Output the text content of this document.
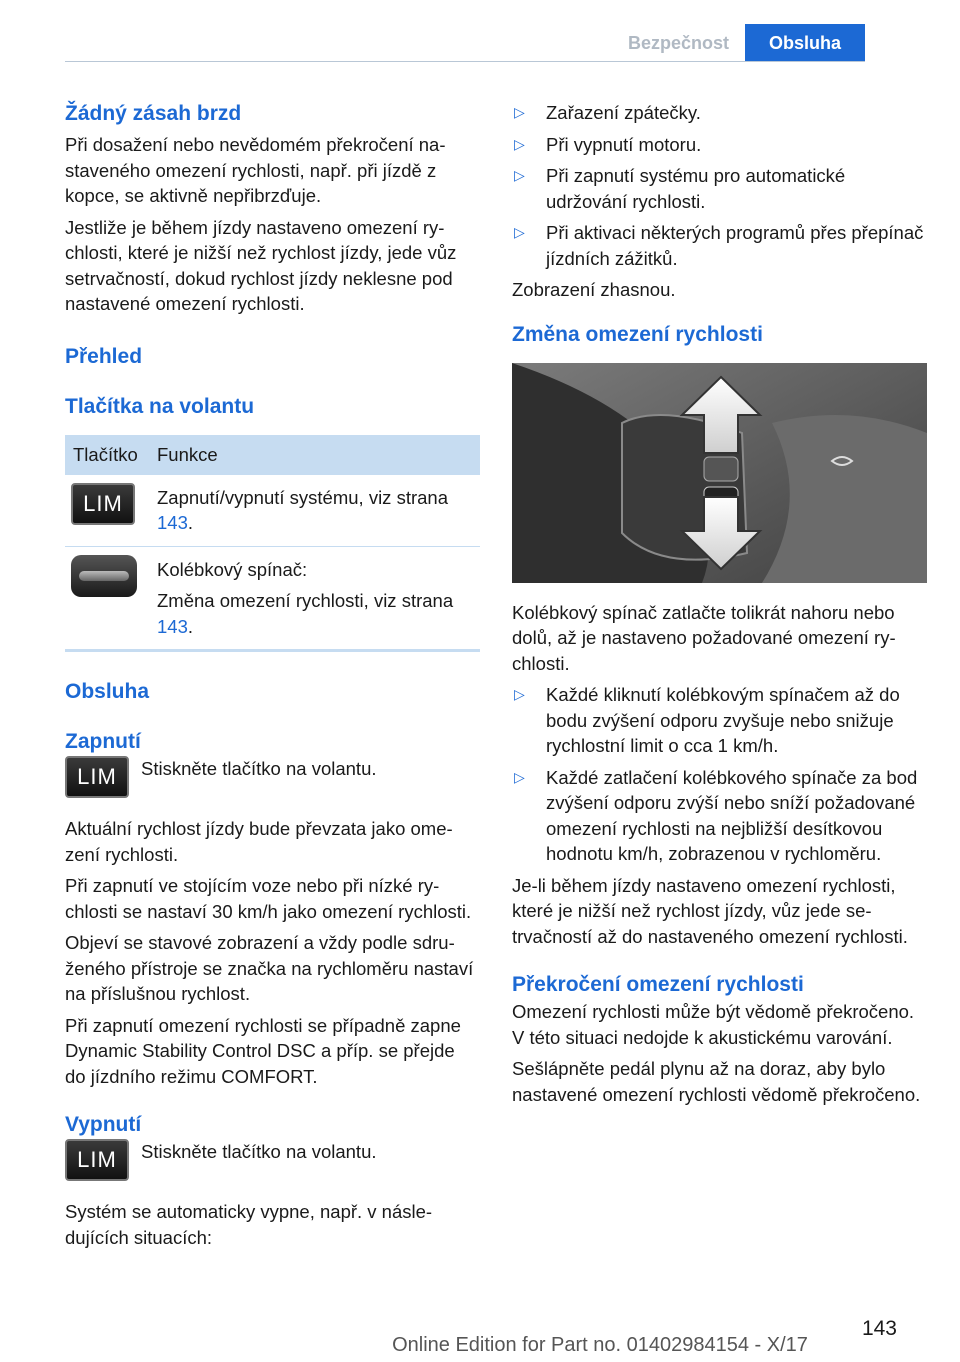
Bezpečnost	Obsluha
Žádný zásah brzd

Při dosažení nebo nevědomém překročení nastaveného omezení rychlosti, např. při jízdě z kopce, se aktivně nepřibrzďuje.

Jestliže je během jízdy nastaveno omezení rychlosti, které je nižší než rychlost jízdy, jede vůz setrvačností, dokud rychlost jízdy neklesne pod nastavené omezení rychlosti.

Přehled
Tlačítka na volantu
Tlačítko	Funkce

LIM	Zapnutí/vypnutí systému, viz strana 143.

	Kolébkový spínač:
Změna omezení rychlosti, viz strana 143.
Obsluha
Zapnutí
LIM	Stiskněte tlačítko na volantu.

Aktuální rychlost jízdy bude převzata jako omezení rychlosti.

Při zapnutí ve stojícím voze nebo při nízké rychlosti se nastaví 30 km/h jako omezení rychlosti.

Objeví se stavové zobrazení a vždy podle sdruženého přístroje se značka na rychloměru nastaví na příslušnou rychlost.

Při zapnutí omezení rychlosti se případně zapne Dynamic Stability Control DSC a příp. se přejde do jízdního režimu COMFORT.

Vypnutí
LIM	Stiskněte tlačítko na volantu.

Systém se automaticky vypne, např. v následujících situacích:

▷ Zařazení zpátečky.
▷ Při vypnutí motoru.
▷ Při zapnutí systému pro automatické udržování rychlosti.
▷ Při aktivaci některých programů přes přepínač jízdních zážitků.

Zobrazení zhasnou.

Změna omezení rychlosti

Kolébkový spínač zatlačte tolikrát nahoru nebo dolů, až je nastaveno požadované omezení rychlosti.

▷ Každé kliknutí kolébkovým spínačem až do bodu zvýšení odporu zvyšuje nebo snižuje rychlostní limit o cca 1 km/h.
▷ Každé zatlačení kolébkového spínače za bod zvýšení odporu zvýší nebo sníží požadované omezení rychlosti na nejbližší desítkovou hodnotu km/h, zobrazenou v rychloměru.

Je-li během jízdy nastaveno omezení rychlosti, které je nižší než rychlost jízdy, vůz jede setrvačností až do nastaveného omezení rychlosti.

Překročení omezení rychlosti

Omezení rychlosti může být vědomě překročeno. V této situaci nedojde k akustickému varování.

Sešlápněte pedál plynu až na doraz, aby bylo nastavené omezení rychlosti vědomě překročeno.

143
Online Edition for Part no. 01402984154 - X/17
